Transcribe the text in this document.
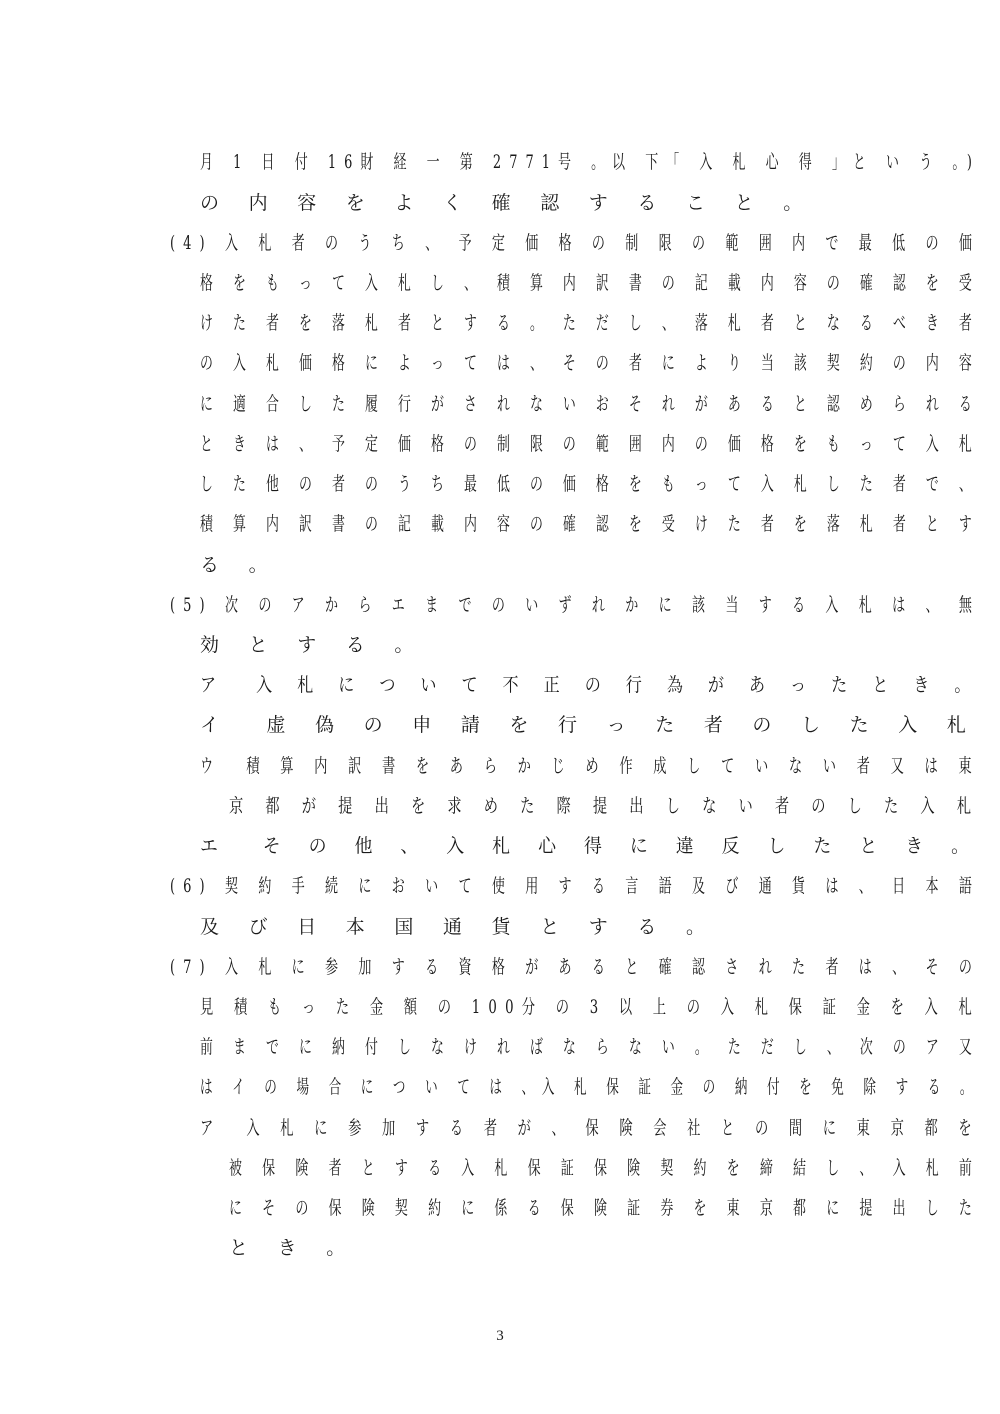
月 1 日 付 16財 経 一 第 2771号 。以 下「 入 札 心 得 」と い う 。)
の 内 容 を よ く 確 認 す る こ と 。
(4) 入 札 者 の う ち 、 予 定 価 格 の 制 限 の 範 囲 内 で 最 低 の 価
格 を も っ て 入 札 し 、 積 算 内 訳 書 の 記 載 内 容 の 確 認 を 受
け た 者 を 落 札 者 と す る 。 た だ し 、 落 札 者 と な る べ き 者
の 入 札 価 格 に よ っ て は 、 そ の 者 に よ り 当 該 契 約 の 内 容
に 適 合 し た 履 行 が さ れ な い お そ れ が あ る と 認 め ら れ る
と き は 、 予 定 価 格 の 制 限 の 範 囲 内 の 価 格 を も っ て 入 札
し た 他 の 者 の う ち 最 低 の 価 格 を も っ て 入 札 し た 者 で 、
積 算 内 訳 書 の 記 載 内 容 の 確 認 を 受 け た 者 を 落 札 者 と す
る 。
(5) 次 の ア か ら エ ま で の い ず れ か に 該 当 す る 入 札 は 、 無
効 と す る 。
ア  入 札 に つ い て 不 正 の 行 為 が あ っ た と き 。
イ  虚 偽 の 申 請 を 行 っ た 者 の し た 入 札
ウ  積 算 内 訳 書 を あ ら か じ め 作 成 し て い な い 者 又 は 東
京 都 が 提 出 を 求 め た 際 提 出 し な い 者 の し た 入 札
エ  そ の 他 、 入 札 心 得 に 違 反 し た と き 。
(6) 契 約 手 続 に お い て 使 用 す る 言 語 及 び 通 貨 は 、 日 本 語
及 び 日 本 国 通 貨 と す る 。
(7) 入 札 に 参 加 す る 資 格 が あ る と 確 認 さ れ た 者 は 、 そ の
見 積 も っ た 金 額 の 100分 の 3 以 上 の 入 札 保 証 金 を 入 札
前 ま で に 納 付 し な け れ ば な ら な い 。 た だ し 、 次 の ア 又
は イ の 場 合 に つ い て は 、入 札 保 証 金 の 納 付 を 免 除 す る 。
ア  入 札 に 参 加 す る 者 が 、 保 険 会 社 と の 間 に 東 京 都 を
被 保 険 者 と す る 入 札 保 証 保 険 契 約 を 締 結 し 、 入 札 前
に そ の 保 険 契 約 に 係 る 保 険 証 券 を 東 京 都 に 提 出 し た
と き 。
3
